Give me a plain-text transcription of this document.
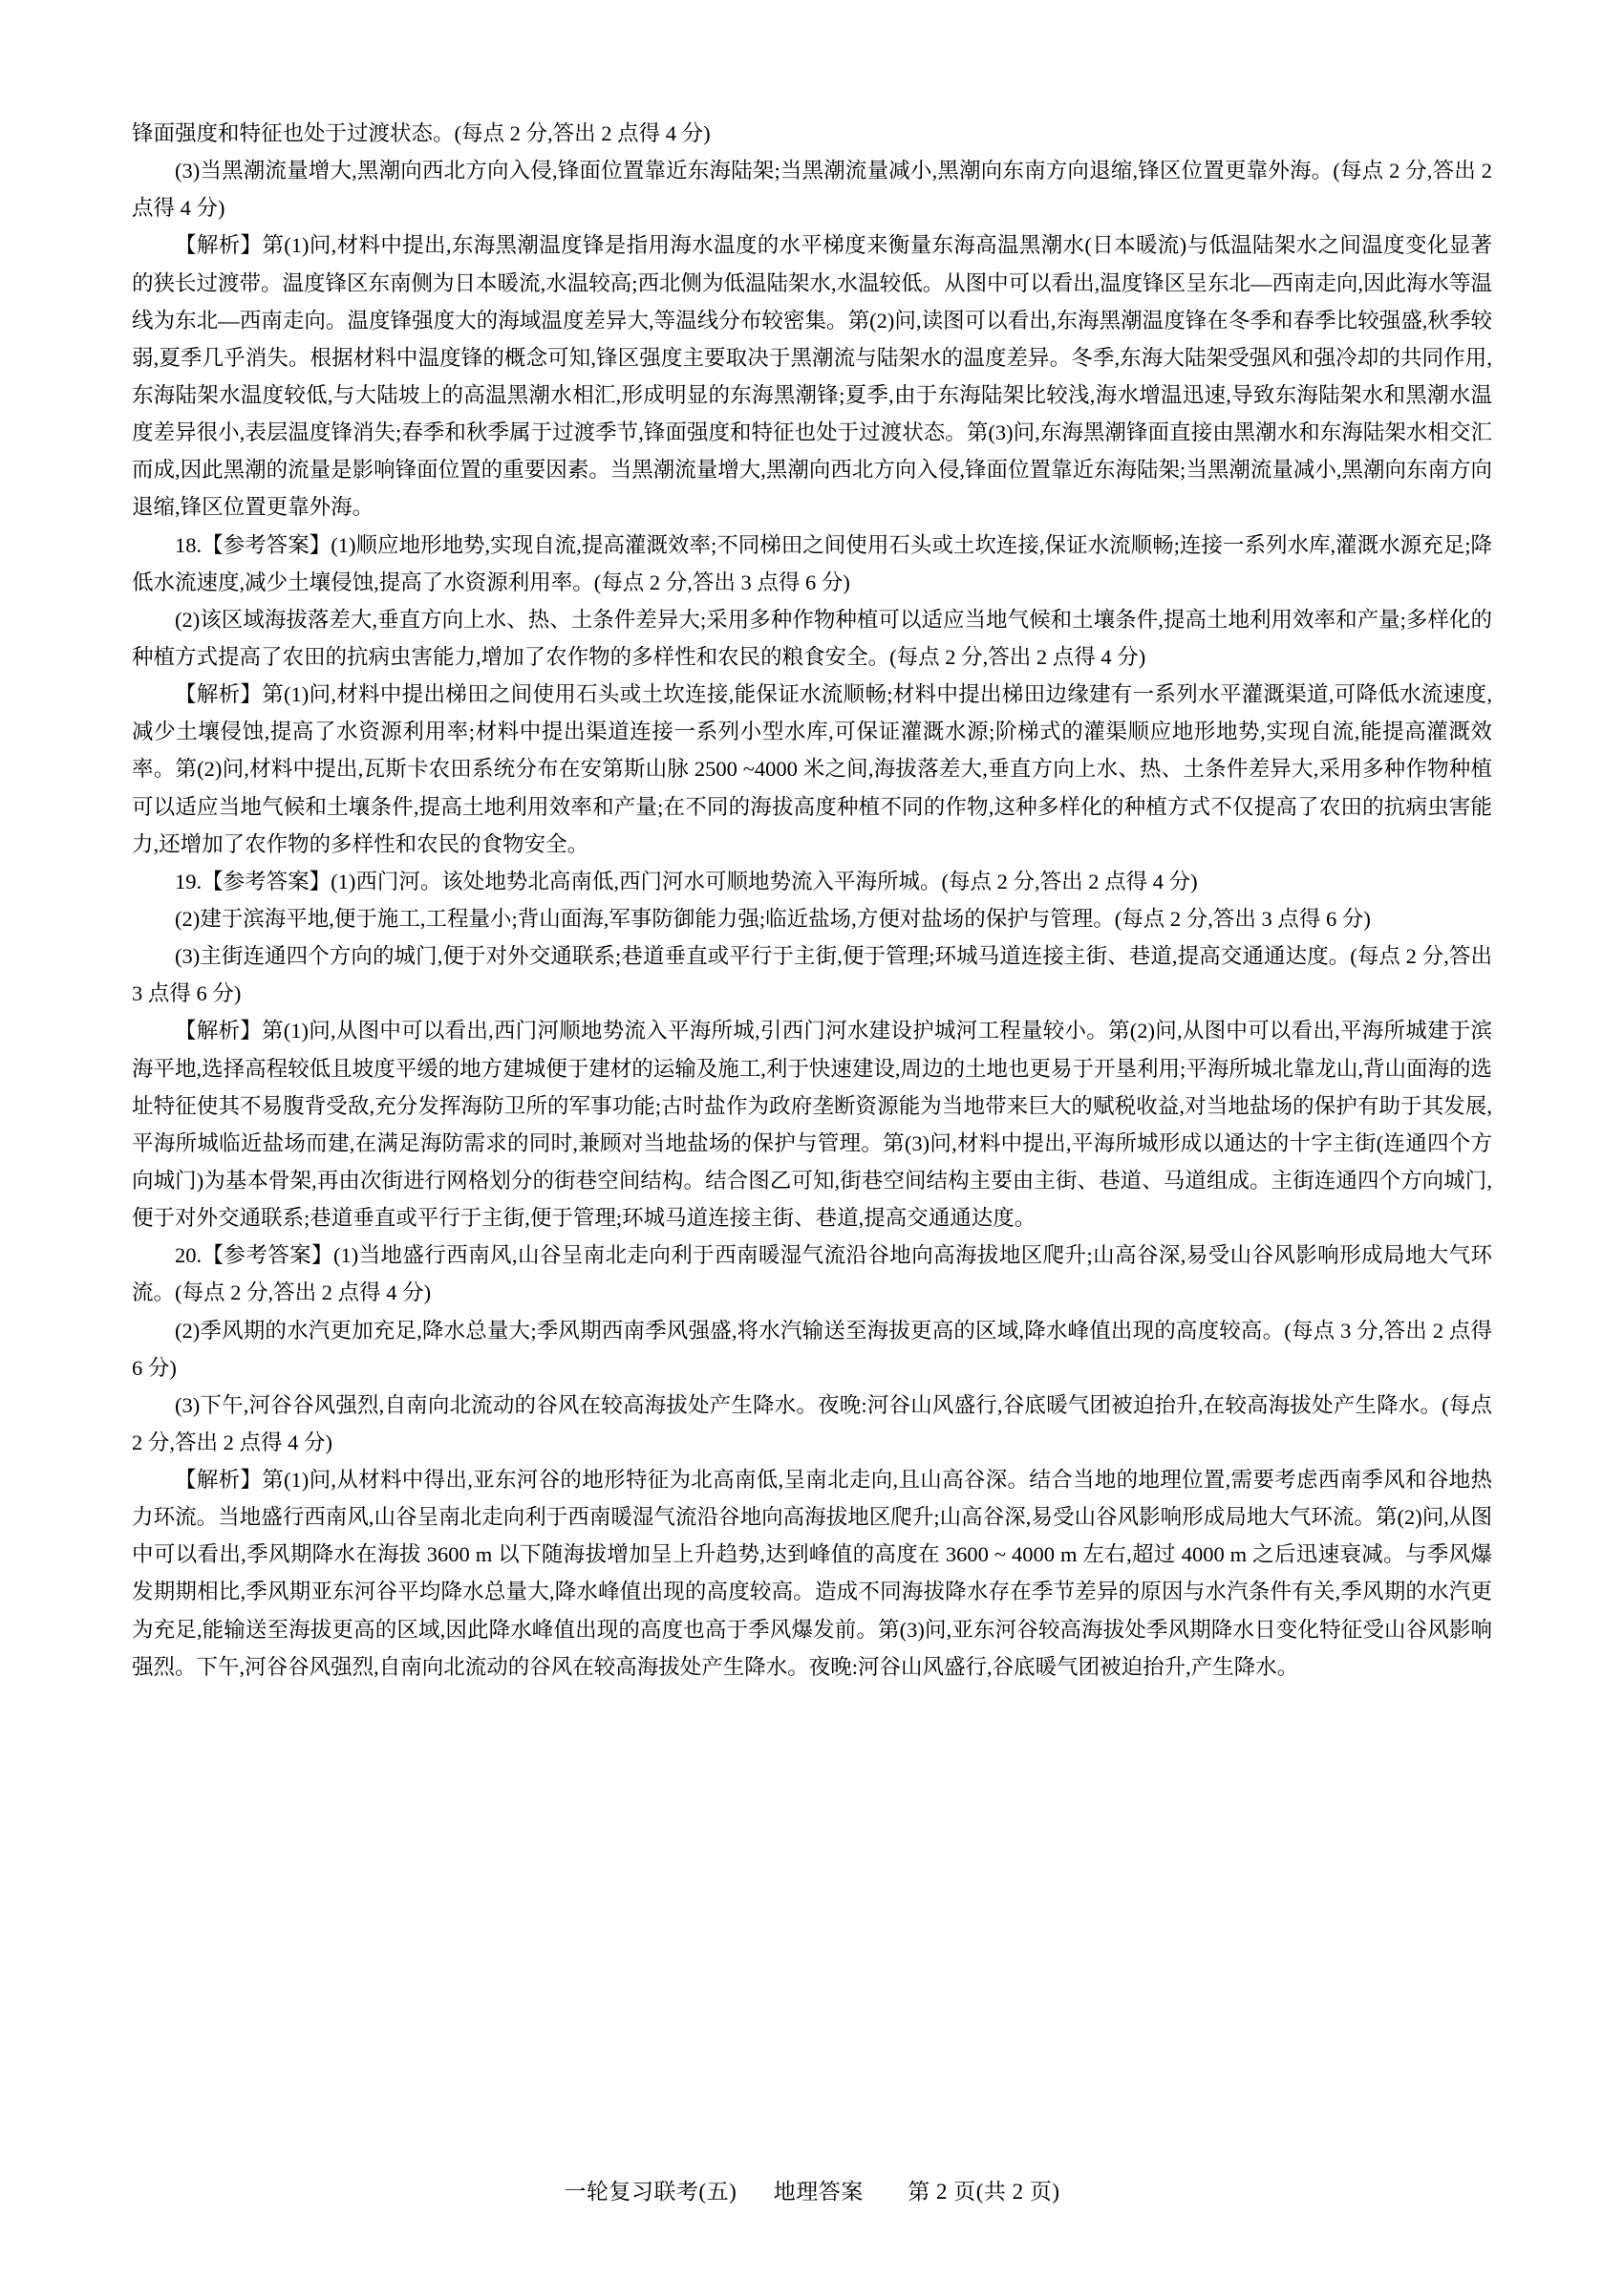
锋面强度和特征也处于过渡状态。(每点 2 分,答出 2 点得 4 分)

(3)当黑潮流量增大,黑潮向西北方向入侵,锋面位置靠近东海陆架;当黑潮流量减小,黑潮向东南方向退缩,锋区位置更靠外海。(每点 2 分,答出 2 点得 4 分)

【解析】第(1)问,材料中提出,东海黑潮温度锋是指用海水温度的水平梯度来衡量东海高温黑潮水(日本暖流)与低温陆架水之间温度变化显著的狭长过渡带。温度锋区东南侧为日本暖流,水温较高;西北侧为低温陆架水,水温较低。从图中可以看出,温度锋区呈东北—西南走向,因此海水等温线为东北—西南走向。温度锋强度大的海域温度差异大,等温线分布较密集。第(2)问,读图可以看出,东海黑潮温度锋在冬季和春季比较强盛,秋季较弱,夏季几乎消失。根据材料中温度锋的概念可知,锋区强度主要取决于黑潮流与陆架水的温度差异。冬季,东海大陆架受强风和强冷却的共同作用,东海陆架水温度较低,与大陆坡上的高温黑潮水相汇,形成明显的东海黑潮锋;夏季,由于东海陆架比较浅,海水增温迅速,导致东海陆架水和黑潮水温度差异很小,表层温度锋消失;春季和秋季属于过渡季节,锋面强度和特征也处于过渡状态。第(3)问,东海黑潮锋面直接由黑潮水和东海陆架水相交汇而成,因此黑潮的流量是影响锋面位置的重要因素。当黑潮流量增大,黑潮向西北方向入侵,锋面位置靠近东海陆架;当黑潮流量减小,黑潮向东南方向退缩,锋区位置更靠外海。

18.【参考答案】(1)顺应地形地势,实现自流,提高灌溉效率;不同梯田之间使用石头或土坎连接,保证水流顺畅;连接一系列水库,灌溉水源充足;降低水流速度,减少土壤侵蚀,提高了水资源利用率。(每点 2 分,答出 3 点得 6 分)

(2)该区域海拔落差大,垂直方向上水、热、土条件差异大;采用多种作物种植可以适应当地气候和土壤条件,提高土地利用效率和产量;多样化的种植方式提高了农田的抗病虫害能力,增加了农作物的多样性和农民的粮食安全。(每点 2 分,答出 2 点得 4 分)

【解析】第(1)问,材料中提出梯田之间使用石头或土坎连接,能保证水流顺畅;材料中提出梯田边缘建有一系列水平灌溉渠道,可降低水流速度,减少土壤侵蚀,提高了水资源利用率;材料中提出渠道连接一系列小型水库,可保证灌溉水源;阶梯式的灌渠顺应地形地势,实现自流,能提高灌溉效率。第(2)问,材料中提出,瓦斯卡农田系统分布在安第斯山脉 2500 ~4000 米之间,海拔落差大,垂直方向上水、热、土条件差异大,采用多种作物种植可以适应当地气候和土壤条件,提高土地利用效率和产量;在不同的海拔高度种植不同的作物,这种多样化的种植方式不仅提高了农田的抗病虫害能力,还增加了农作物的多样性和农民的食物安全。

19.【参考答案】(1)西门河。该处地势北高南低,西门河水可顺地势流入平海所城。(每点 2 分,答出 2 点得 4 分)

(2)建于滨海平地,便于施工,工程量小;背山面海,军事防御能力强;临近盐场,方便对盐场的保护与管理。(每点 2 分,答出 3 点得 6 分)

(3)主街连通四个方向的城门,便于对外交通联系;巷道垂直或平行于主街,便于管理;环城马道连接主街、巷道,提高交通通达度。(每点 2 分,答出 3 点得 6 分)

【解析】第(1)问,从图中可以看出,西门河顺地势流入平海所城,引西门河水建设护城河工程量较小。第(2)问,从图中可以看出,平海所城建于滨海平地,选择高程较低且坡度平缓的地方建城便于建材的运输及施工,利于快速建设,周边的土地也更易于开垦利用;平海所城北靠龙山,背山面海的选址特征使其不易腹背受敌,充分发挥海防卫所的军事功能;古时盐作为政府垄断资源能为当地带来巨大的赋税收益,对当地盐场的保护有助于其发展,平海所城临近盐场而建,在满足海防需求的同时,兼顾对当地盐场的保护与管理。第(3)问,材料中提出,平海所城形成以通达的十字主街(连通四个方向城门)为基本骨架,再由次街进行网格划分的街巷空间结构。结合图乙可知,街巷空间结构主要由主街、巷道、马道组成。主街连通四个方向城门,便于对外交通联系;巷道垂直或平行于主街,便于管理;环城马道连接主街、巷道,提高交通通达度。

20.【参考答案】(1)当地盛行西南风,山谷呈南北走向利于西南暖湿气流沿谷地向高海拔地区爬升;山高谷深,易受山谷风影响形成局地大气环流。(每点 2 分,答出 2 点得 4 分)

(2)季风期的水汽更加充足,降水总量大;季风期西南季风强盛,将水汽输送至海拔更高的区域,降水峰值出现的高度较高。(每点 3 分,答出 2 点得 6 分)

(3)下午,河谷谷风强烈,自南向北流动的谷风在较高海拔处产生降水。夜晚:河谷山风盛行,谷底暖气团被迫抬升,在较高海拔处产生降水。(每点 2 分,答出 2 点得 4 分)

【解析】第(1)问,从材料中得出,亚东河谷的地形特征为北高南低,呈南北走向,且山高谷深。结合当地的地理位置,需要考虑西南季风和谷地热力环流。当地盛行西南风,山谷呈南北走向利于西南暖湿气流沿谷地向高海拔地区爬升;山高谷深,易受山谷风影响形成局地大气环流。第(2)问,从图中可以看出,季风期降水在海拔 3600 m 以下随海拔增加呈上升趋势,达到峰值的高度在 3600 ~ 4000 m 左右,超过 4000 m 之后迅速衰减。与季风爆发期期相比,季风期亚东河谷平均降水总量大,降水峰值出现的高度较高。造成不同海拔降水存在季节差异的原因与水汽条件有关,季风期的水汽更为充足,能输送至海拔更高的区域,因此降水峰值出现的高度也高于季风爆发前。第(3)问,亚东河谷较高海拔处季风期降水日变化特征受山谷风影响强烈。下午,河谷谷风强烈,自南向北流动的谷风在较高海拔处产生降水。夜晚:河谷山风盛行,谷底暖气团被迫抬升,产生降水。

一轮复习联考(五) 地理答案 第 2 页(共 2 页)
